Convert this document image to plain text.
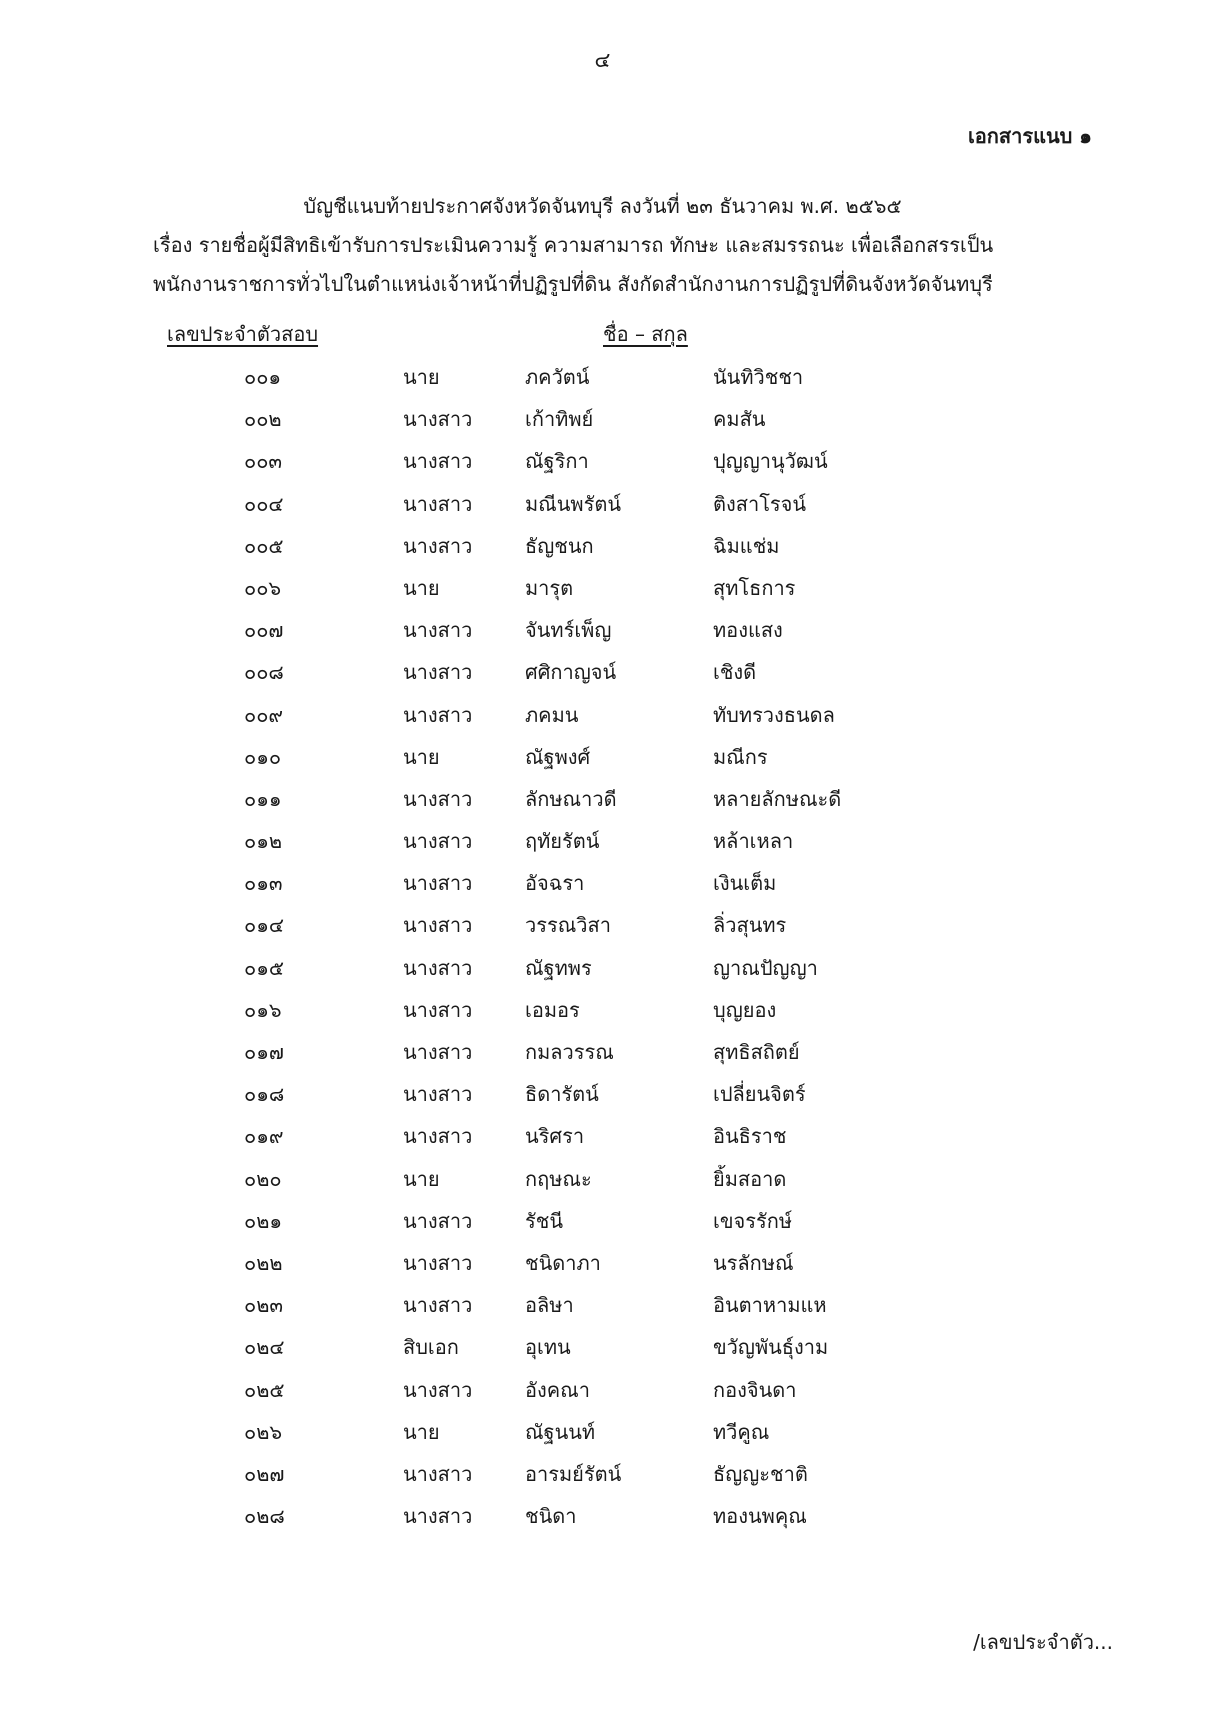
๔
เอกสารแนบ ๑
บัญชีแนบท้ายประกาศจังหวัดจันทบุรี ลงวันที่ ๒๓ ธันวาคม พ.ศ. ๒๕๖๕
เรื่อง รายชื่อผู้มีสิทธิเข้ารับการประเมินความรู้ ความสามารถ ทักษะ และสมรรถนะ เพื่อเลือกสรรเป็น
พนักงานราชการทั่วไปในตำแหน่งเจ้าหน้าที่ปฏิรูปที่ดิน สังกัดสำนักงานการปฏิรูปที่ดินจังหวัดจันทบุรี
เลขประจำตัวสอบ	ชื่อ – สกุล
๐๐๑	นาย	ภควัตน์	นันทิวิชชา
๐๐๒	นางสาว	เก้าทิพย์	คมสัน
๐๐๓	นางสาว	ณัฐริกา	ปุญญานุวัฒน์
๐๐๔	นางสาว	มณีนพรัตน์	ติงสาโรจน์
๐๐๕	นางสาว	ธัญชนก	ฉิมแช่ม
๐๐๖	นาย	มารุต	สุทโธการ
๐๐๗	นางสาว	จันทร์เพ็ญ	ทองแสง
๐๐๘	นางสาว	ศศิกาญจน์	เชิงดี
๐๐๙	นางสาว	ภคมน	ทับทรวงธนดล
๐๑๐	นาย	ณัฐพงศ์	มณีกร
๐๑๑	นางสาว	ลักษณาวดี	หลายลักษณะดี
๐๑๒	นางสาว	ฤทัยรัตน์	หล้าเหลา
๐๑๓	นางสาว	อัจฉรา	เงินเต็ม
๐๑๔	นางสาว	วรรณวิสา	ลิ่วสุนทร
๐๑๕	นางสาว	ณัฐทพร	ญาณปัญญา
๐๑๖	นางสาว	เอมอร	บุญยอง
๐๑๗	นางสาว	กมลวรรณ	สุทธิสถิตย์
๐๑๘	นางสาว	ธิดารัตน์	เปลี่ยนจิตร์
๐๑๙	นางสาว	นริศรา	อินธิราช
๐๒๐	นาย	กฤษณะ	ยิ้มสอาด
๐๒๑	นางสาว	รัชนี	เขจรรักษ์
๐๒๒	นางสาว	ชนิดาภา	นรลักษณ์
๐๒๓	นางสาว	อลิษา	อินตาหามแห
๐๒๔	สิบเอก	อุเทน	ขวัญพันธุ์งาม
๐๒๕	นางสาว	อังคณา	กองจินดา
๐๒๖	นาย	ณัฐนนท์	ทวีคูณ
๐๒๗	นางสาว	อารมย์รัตน์	ธัญญะชาติ
๐๒๘	นางสาว	ชนิดา	ทองนพคุณ
/เลขประจำตัว...
